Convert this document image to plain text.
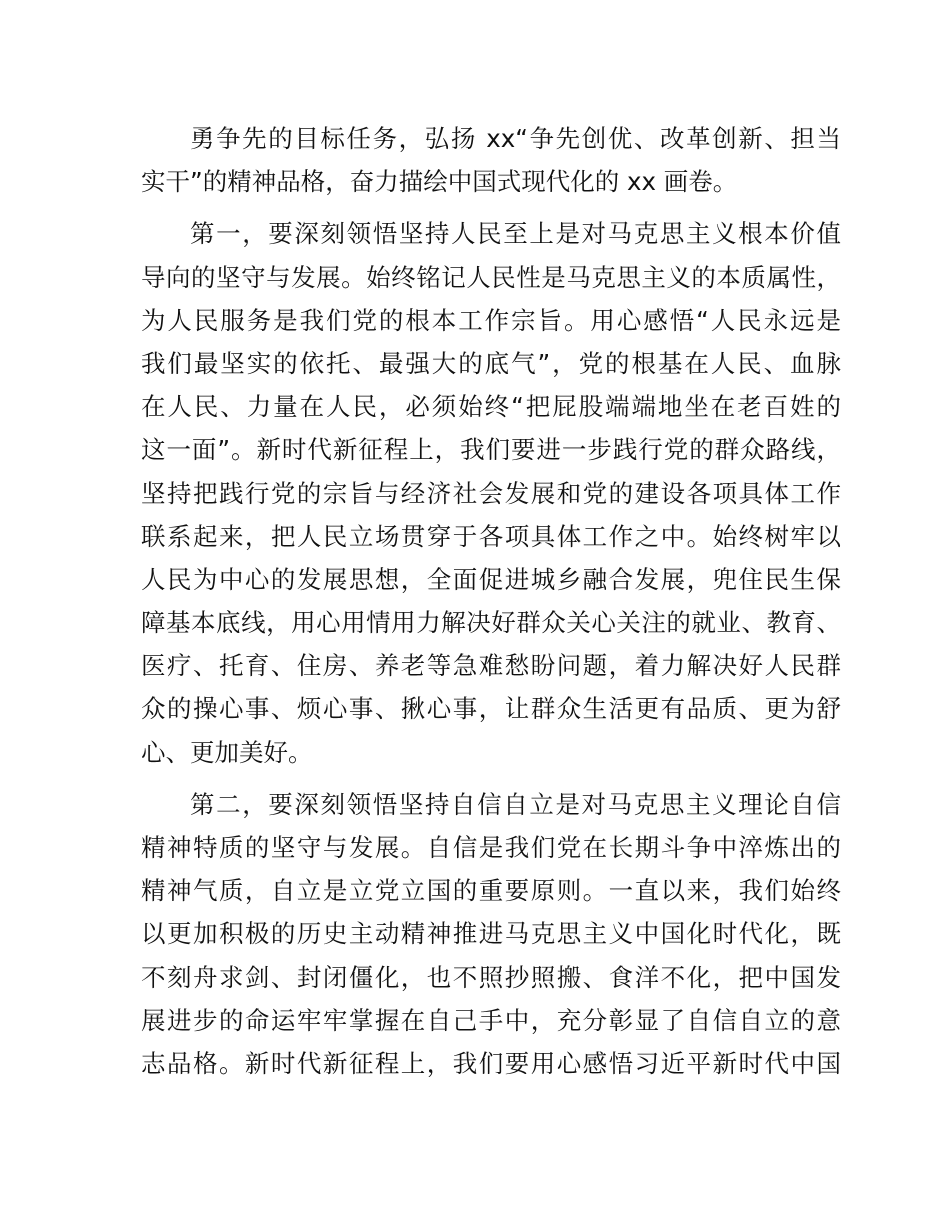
勇争先的目标任务，弘扬 xx“争先创优、改革创新、担当
实干”的精神品格，奋力描绘中国式现代化的 xx 画卷。
第一，要深刻领悟坚持人民至上是对马克思主义根本价值
导向的坚守与发展。始终铭记人民性是马克思主义的本质属性，
为人民服务是我们党的根本工作宗旨。用心感悟“人民永远是
我们最坚实的依托、最强大的底气”，党的根基在人民、血脉
在人民、力量在人民，必须始终“把屁股端端地坐在老百姓的
这一面”。新时代新征程上，我们要进一步践行党的群众路线，
坚持把践行党的宗旨与经济社会发展和党的建设各项具体工作
联系起来，把人民立场贯穿于各项具体工作之中。始终树牢以
人民为中心的发展思想，全面促进城乡融合发展，兜住民生保
障基本底线，用心用情用力解决好群众关心关注的就业、教育、
医疗、托育、住房、养老等急难愁盼问题，着力解决好人民群
众的操心事、烦心事、揪心事，让群众生活更有品质、更为舒
心、更加美好。
第二，要深刻领悟坚持自信自立是对马克思主义理论自信
精神特质的坚守与发展。自信是我们党在长期斗争中淬炼出的
精神气质，自立是立党立国的重要原则。一直以来，我们始终
以更加积极的历史主动精神推进马克思主义中国化时代化，既
不刻舟求剑、封闭僵化，也不照抄照搬、食洋不化，把中国发
展进步的命运牢牢掌握在自己手中，充分彰显了自信自立的意
志品格。新时代新征程上，我们要用心感悟习近平新时代中国
